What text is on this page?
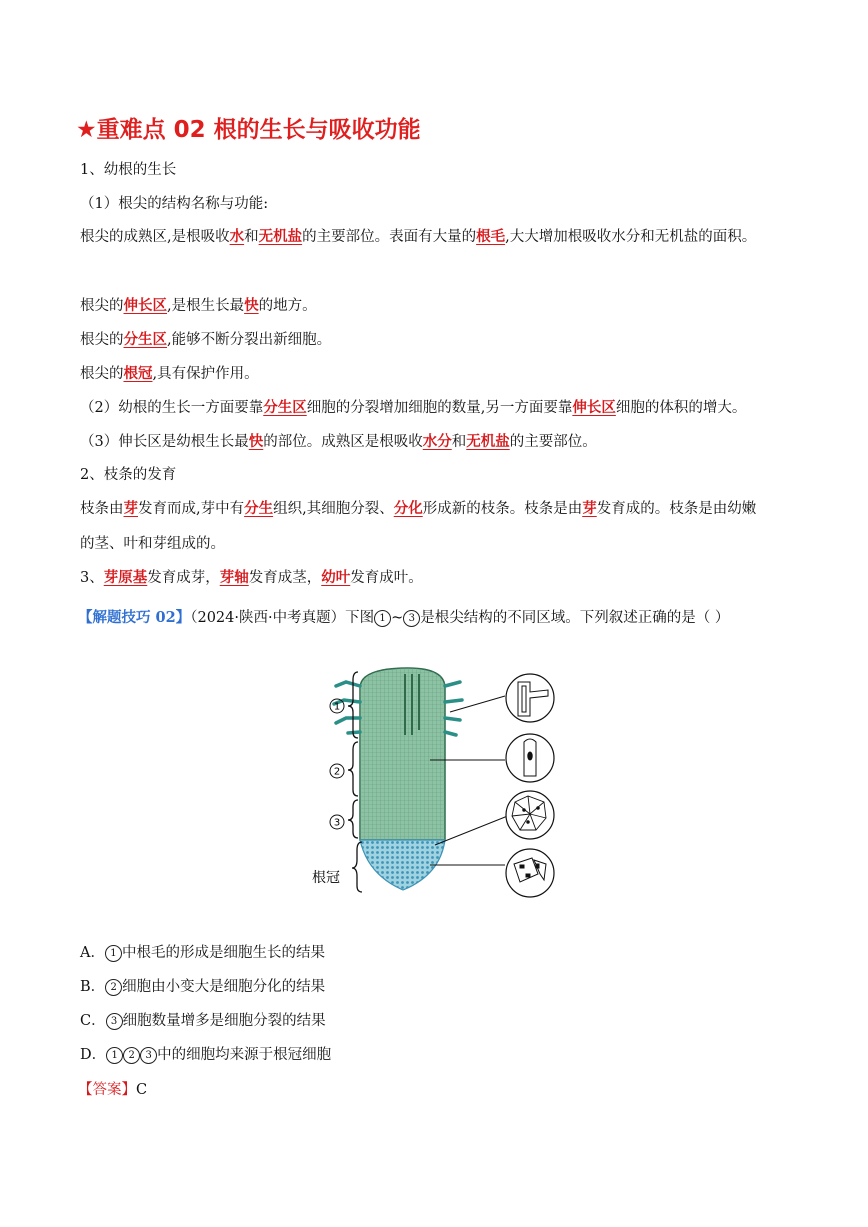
★重难点 02 根的生长与吸收功能
1、幼根的生长
（1）根尖的结构名称与功能:
根尖的成熟区,是根吸收水和无机盐的主要部位。表面有大量的根毛,大大增加根吸收水分和无机盐的面积。
根尖的伸长区,是根生长最快的地方。
根尖的分生区,能够不断分裂出新细胞。
根尖的根冠,具有保护作用。
（2）幼根的生长一方面要靠分生区细胞的分裂增加细胞的数量,另一方面要靠伸长区细胞的体积的增大。
（3）伸长区是幼根生长最快的部位。成熟区是根吸收水分和无机盐的主要部位。
2、枝条的发育
枝条由芽发育而成,芽中有分生组织,其细胞分裂、分化形成新的枝条。枝条是由芽发育成的。枝条是由幼嫩
的茎、叶和芽组成的。
3、芽原基发育成芽，芽轴发育成茎，幼叶发育成叶。
【解题技巧 02】（2024·陕西·中考真题）下图 1 ~ 3 是根尖结构的不同区域。下列叙述正确的是（ ）
1
2
3
根冠
A． 1 中根毛的形成是细胞生长的结果
B． 2 细胞由小变大是细胞分化的结果
C． 3 细胞数量增多是细胞分裂的结果
D． 1 2 3 中的细胞均来源于根冠细胞
【答案】C
